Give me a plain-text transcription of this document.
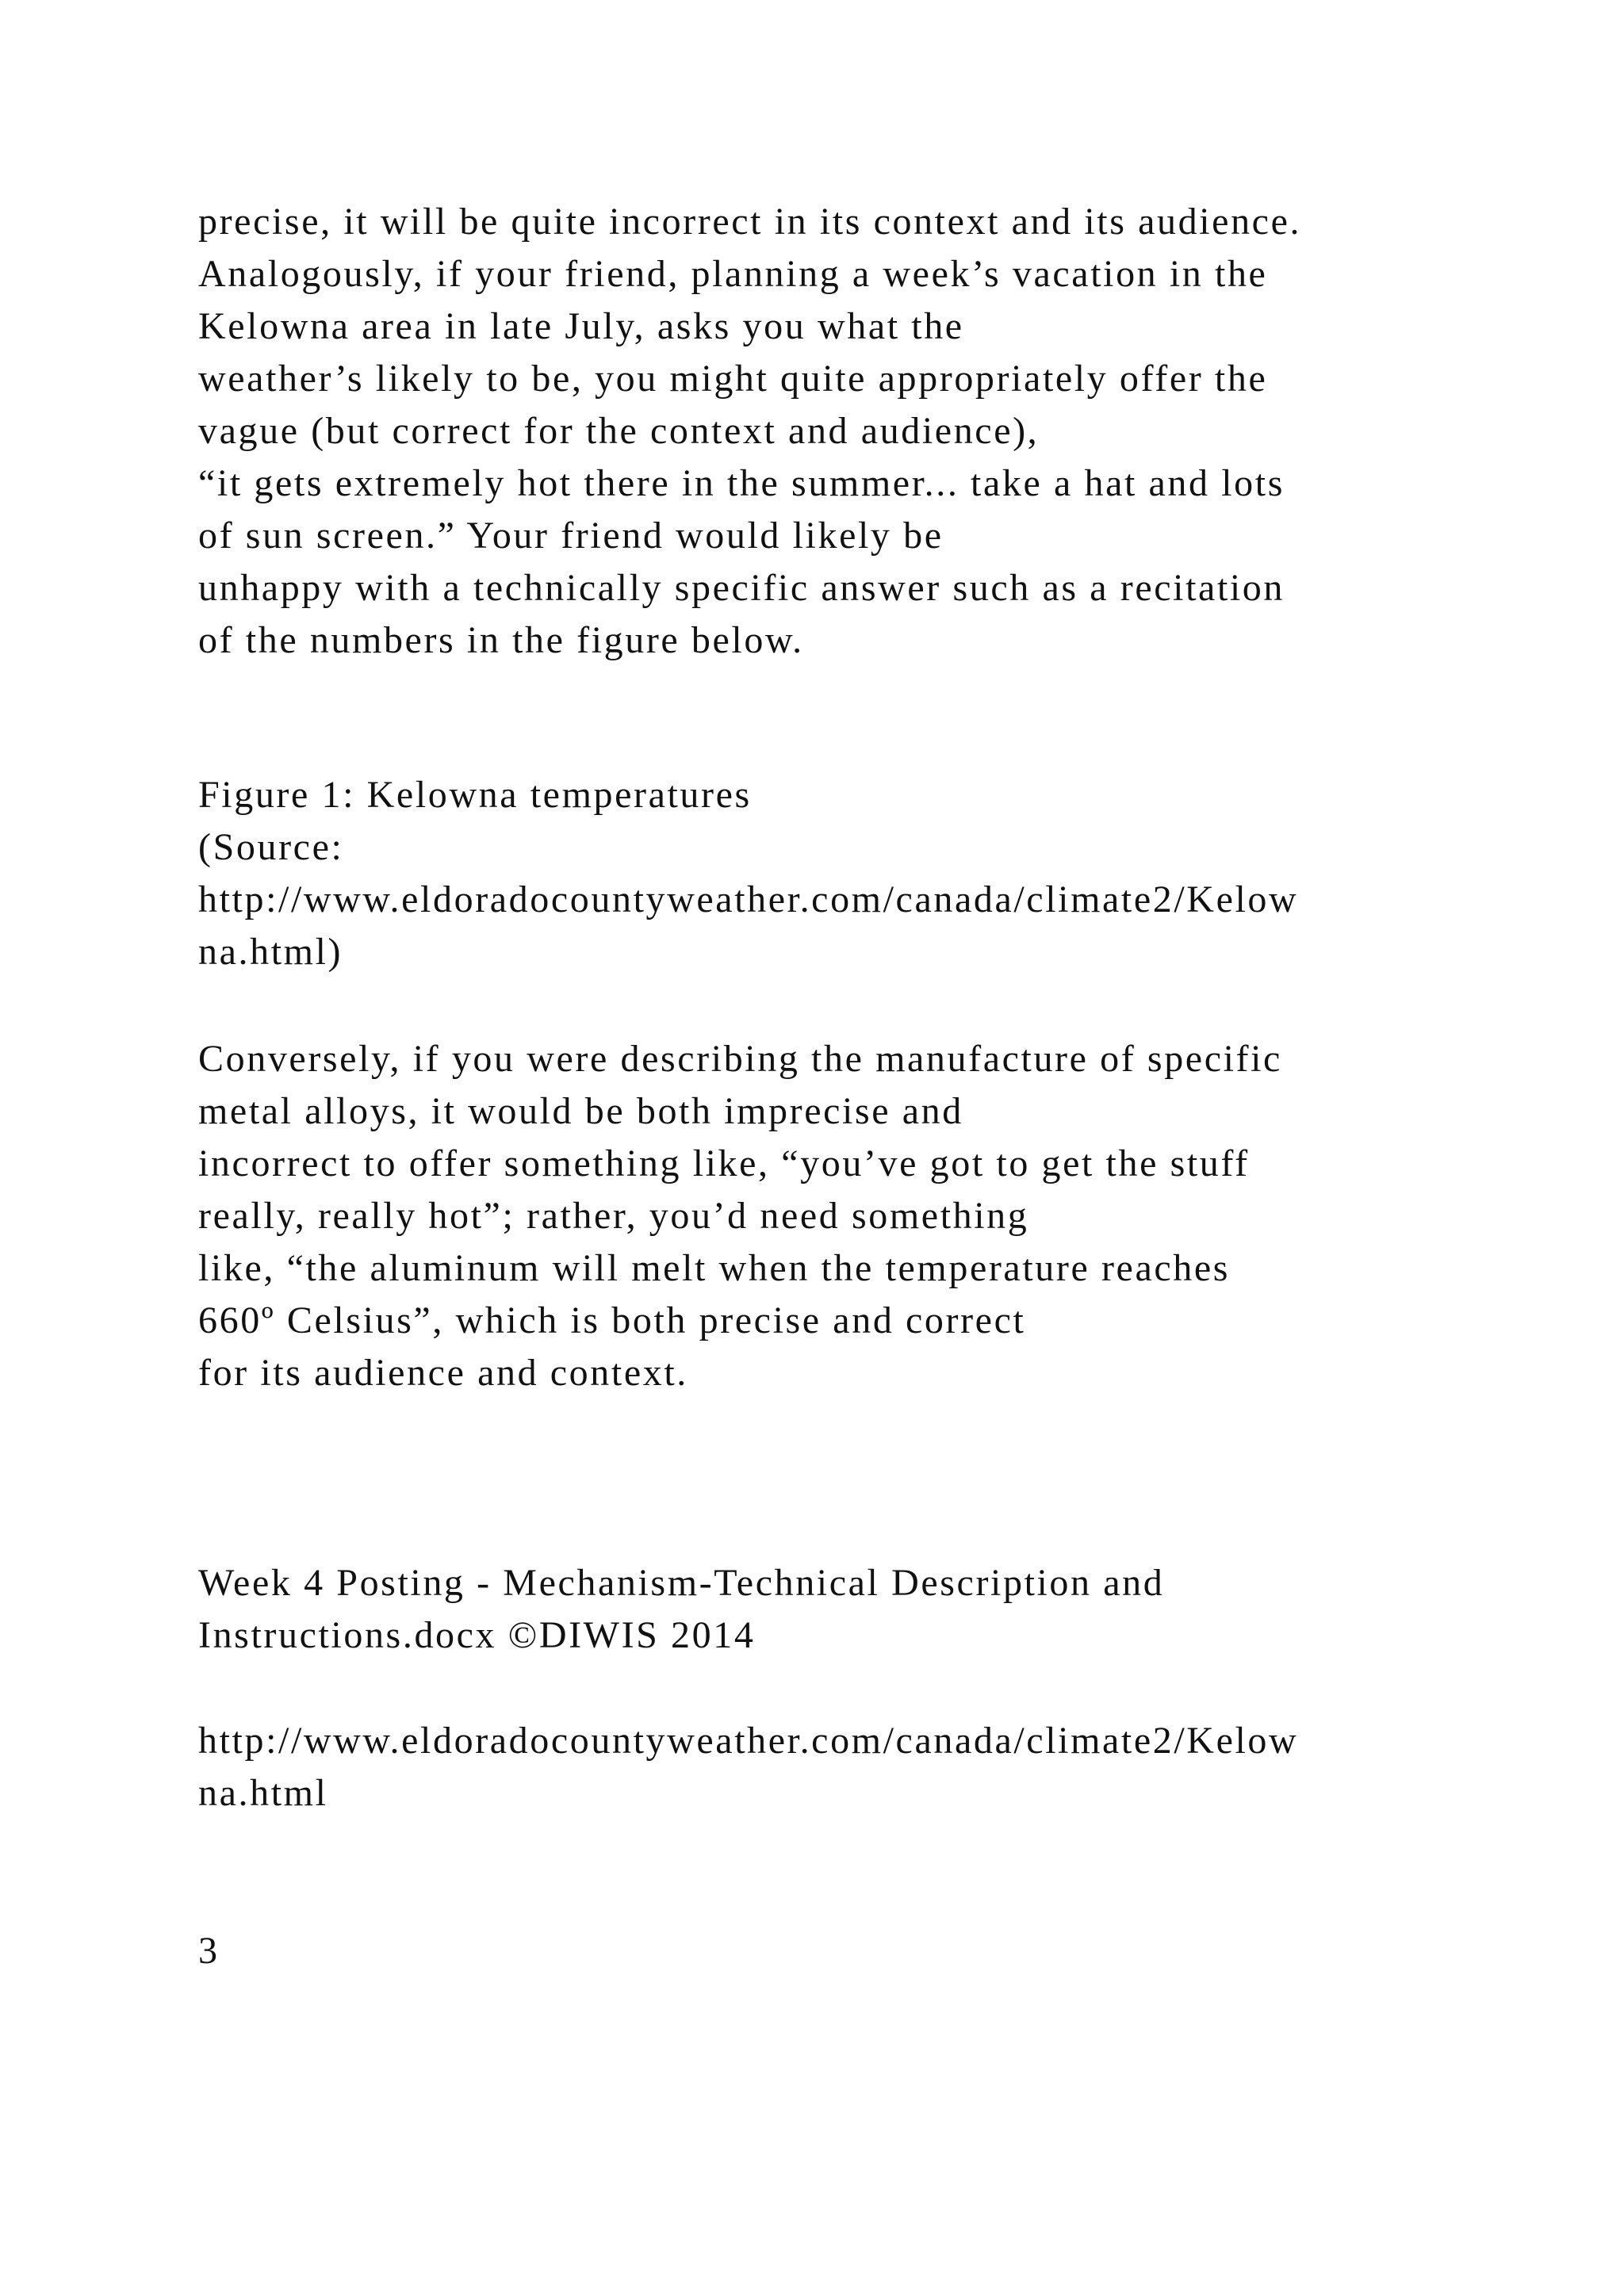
precise, it will be quite incorrect in its context and its audience.
Analogously, if your friend, planning a week’s vacation in the
Kelowna area in late July, asks you what the
weather’s likely to be, you might quite appropriately offer the
vague (but correct for the context and audience),
“it gets extremely hot there in the summer... take a hat and lots
of sun screen.” Your friend would likely be
unhappy with a technically specific answer such as a recitation
of the numbers in the figure below.
Figure 1: Kelowna temperatures
(Source:
http://www.eldoradocountyweather.com/canada/climate2/Kelow
na.html)
Conversely, if you were describing the manufacture of specific
metal alloys, it would be both imprecise and
incorrect to offer something like, “you’ve got to get the stuff
really, really hot”; rather, you’d need something
like, “the aluminum will melt when the temperature reaches
660º Celsius”, which is both precise and correct
for its audience and context.
Week 4 Posting - Mechanism-Technical Description and
Instructions.docx ©DIWIS 2014
http://www.eldoradocountyweather.com/canada/climate2/Kelow
na.html
3
